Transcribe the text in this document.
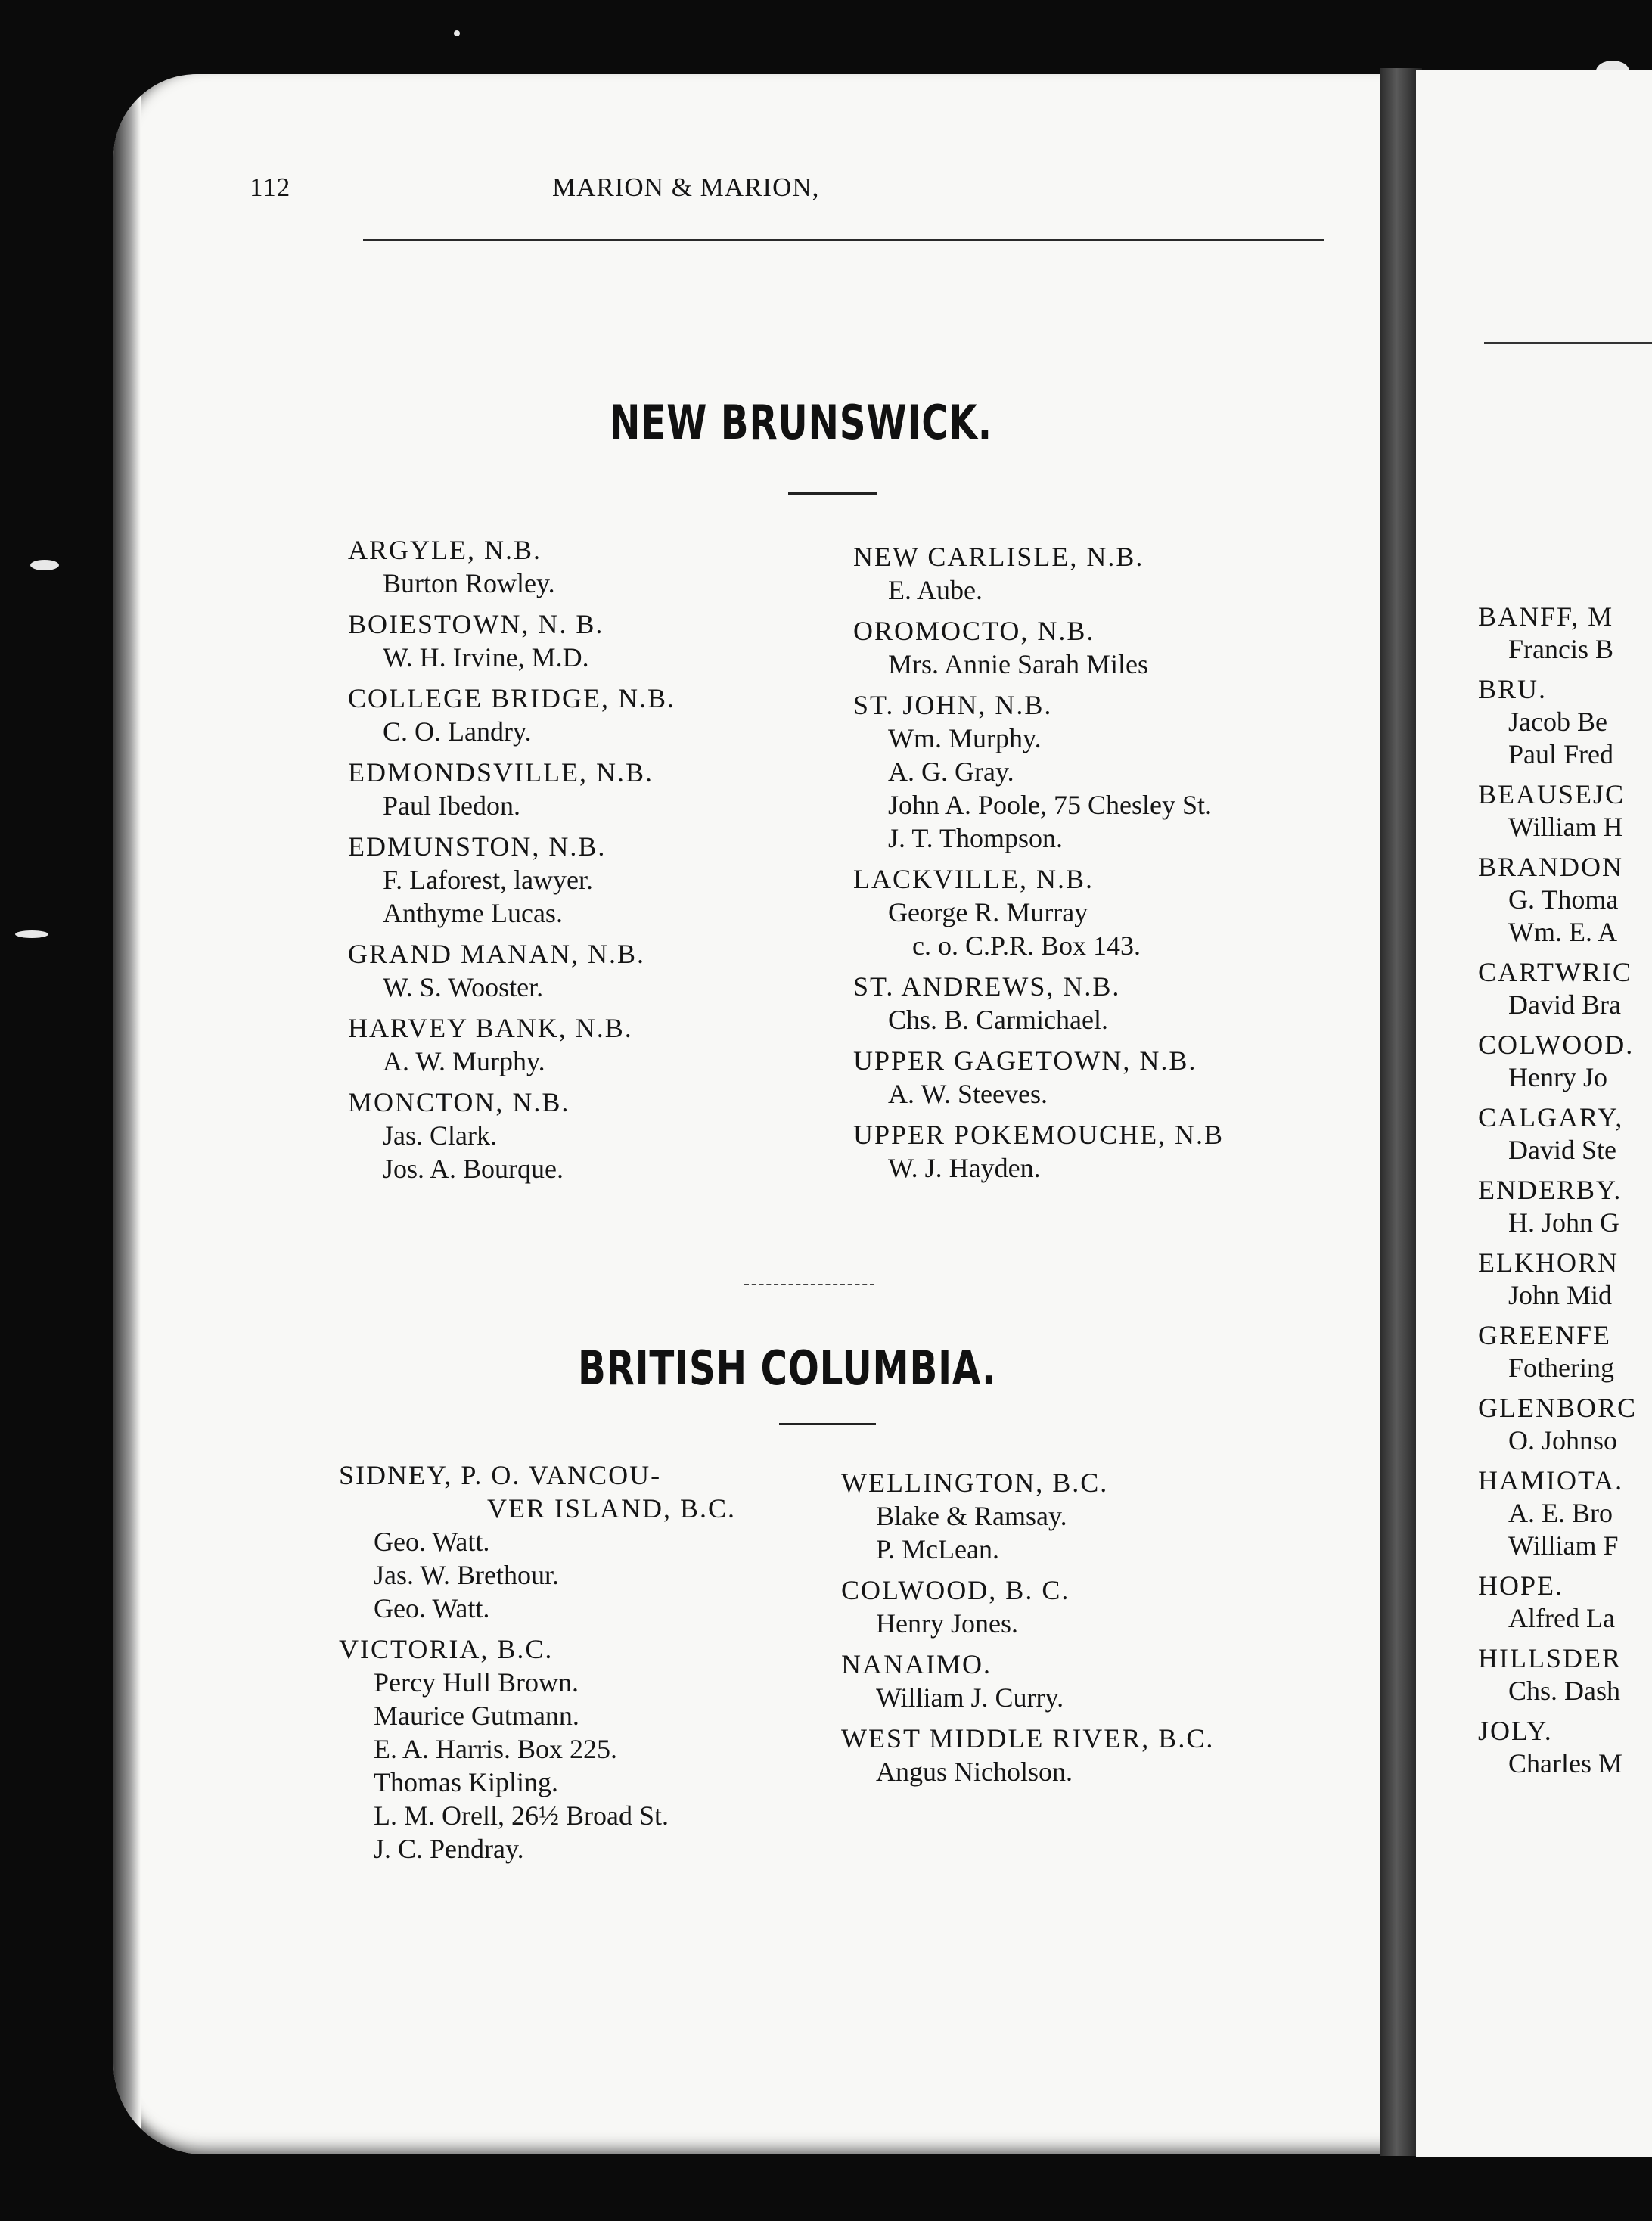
112	MARION & MARION,
NEW BRUNSWICK.
ARGYLE, N.B.
Burton Rowley.
BOIESTOWN, N. B.
W. H. Irvine, M.D.
COLLEGE BRIDGE, N.B.
C. O. Landry.
EDMONDSVILLE, N.B.
Paul Ibedon.
EDMUNSTON, N.B.
F. Laforest, lawyer.
Anthyme Lucas.
GRAND MANAN, N.B.
W. S. Wooster.
HARVEY BANK, N.B.
A. W. Murphy.
MONCTON, N.B.
Jas. Clark.
Jos. A. Bourque.
NEW CARLISLE, N.B.
E. Aube.
OROMOCTO, N.B.
Mrs. Annie Sarah Miles
ST. JOHN, N.B.
Wm. Murphy.
A. G. Gray.
John A. Poole, 75 Chesley St.
J. T. Thompson.
LACKVILLE, N.B.
George R. Murray
c. o. C.P.R. Box 143.
ST. ANDREWS, N.B.
Chs. B. Carmichael.
UPPER GAGETOWN, N.B.
A. W. Steeves.
UPPER POKEMOUCHE, N.B
W. J. Hayden.
BRITISH COLUMBIA.
SIDNEY, P. O. VANCOU-
VER ISLAND, B.C.
Geo. Watt.
Jas. W. Brethour.
Geo. Watt.
VICTORIA, B.C.
Percy Hull Brown.
Maurice Gutmann.
E. A. Harris. Box 225.
Thomas Kipling.
L. M. Orell, 26½ Broad St.
J. C. Pendray.
WELLINGTON, B.C.
Blake & Ramsay.
P. McLean.
COLWOOD, B. C.
Henry Jones.
NANAIMO.
William J. Curry.
WEST MIDDLE RIVER, B.C.
Angus Nicholson.
BANFF, M
Francis B
BRU.
Jacob Be
Paul Fred
BEAUSEJC
William H
BRANDON
G. Thoma
Wm. E. A
CARTWRIC
David Bra
COLWOOD.
Henry Jo
CALGARY,
David Ste
ENDERBY.
H. John G
ELKHORN
John Mid
GREENFE
Fothering
GLENBORC
O. Johnso
HAMIOTA.
A. E. Bro
William F
HOPE.
Alfred La
HILLSDER
Chs. Dash
JOLY.
Charles M
